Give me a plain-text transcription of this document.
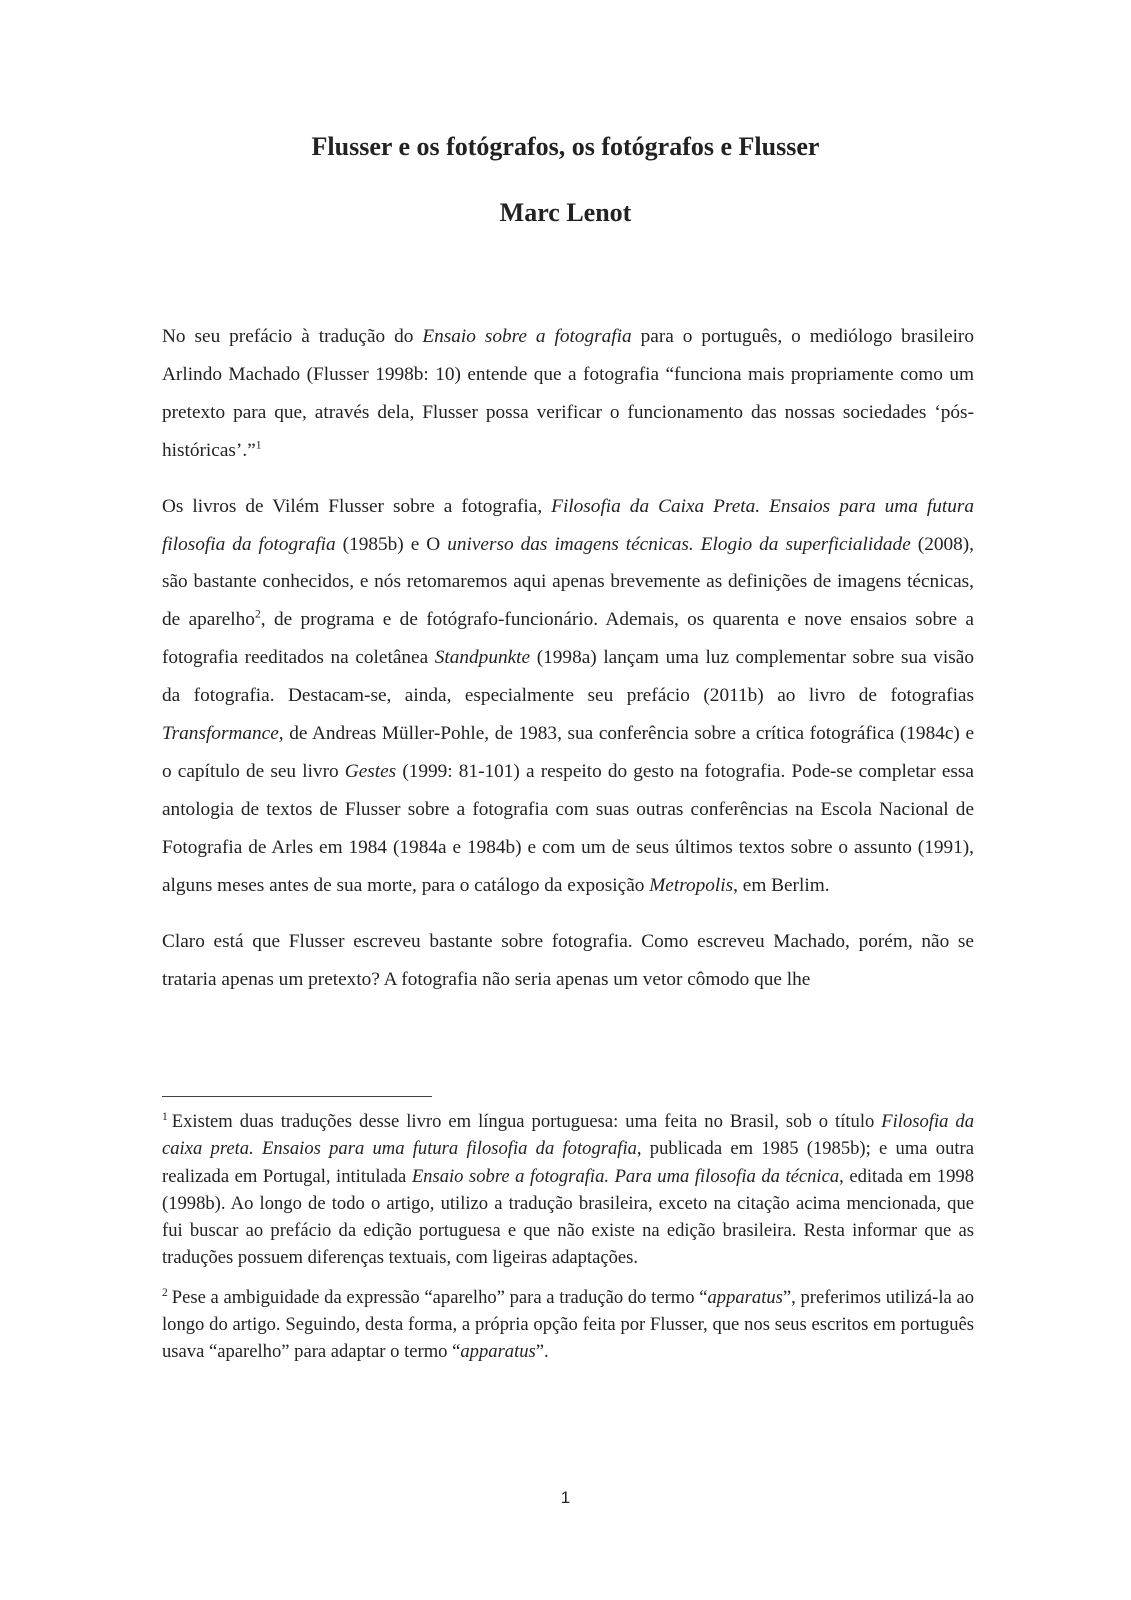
Flusser e os fotógrafos, os fotógrafos e Flusser
Marc Lenot

No seu prefácio à tradução do Ensaio sobre a fotografia para o português, o mediólogo brasileiro Arlindo Machado (Flusser 1998b: 10) entende que a fotografia “funciona mais propriamente como um pretexto para que, através dela, Flusser possa verificar o funcionamento das nossas sociedades ‘pós-históricas’.”$^1$

Os livros de Vilém Flusser sobre a fotografia, Filosofia da Caixa Preta. Ensaios para uma futura filosofia da fotografia (1985b) e O universo das imagens técnicas. Elogio da superficialidade (2008), são bastante conhecidos, e nós retomaremos aqui apenas brevemente as definições de imagens técnicas, de aparelho$^2$, de programa e de fotógrafo-funcionário. Ademais, os quarenta e nove ensaios sobre a fotografia reeditados na coletânea Standpunkte (1998a) lançam uma luz complementar sobre sua visão da fotografia. Destacam-se, ainda, especialmente seu prefácio (2011b) ao livro de fotografias Transformance, de Andreas Müller-Pohle, de 1983, sua conferência sobre a crítica fotográfica (1984c) e o capítulo de seu livro Gestes (1999: 81-101) a respeito do gesto na fotografia. Pode-se completar essa antologia de textos de Flusser sobre a fotografia com suas outras conferências na Escola Nacional de Fotografia de Arles em 1984 (1984a e 1984b) e com um de seus últimos textos sobre o assunto (1991), alguns meses antes de sua morte, para o catálogo da exposição Metropolis, em Berlim.

Claro está que Flusser escreveu bastante sobre fotografia. Como escreveu Machado, porém, não se trataria apenas um pretexto? A fotografia não seria apenas um vetor cômodo que lhe

$^1$ Existem duas traduções desse livro em língua portuguesa: uma feita no Brasil, sob o título Filosofia da caixa preta. Ensaios para uma futura filosofia da fotografia, publicada em 1985 (1985b); e uma outra realizada em Portugal, intitulada Ensaio sobre a fotografia. Para uma filosofia da técnica, editada em 1998 (1998b). Ao longo de todo o artigo, utilizo a tradução brasileira, exceto na citação acima mencionada, que fui buscar ao prefácio da edição portuguesa e que não existe na edição brasileira. Resta informar que as traduções possuem diferenças textuais, com ligeiras adaptações.

$^2$ Pese a ambiguidade da expressão “aparelho” para a tradução do termo “apparatus”, preferimos utilizá-la ao longo do artigo. Seguindo, desta forma, a própria opção feita por Flusser, que nos seus escritos em português usava “aparelho” para adaptar o termo “apparatus”.

1
